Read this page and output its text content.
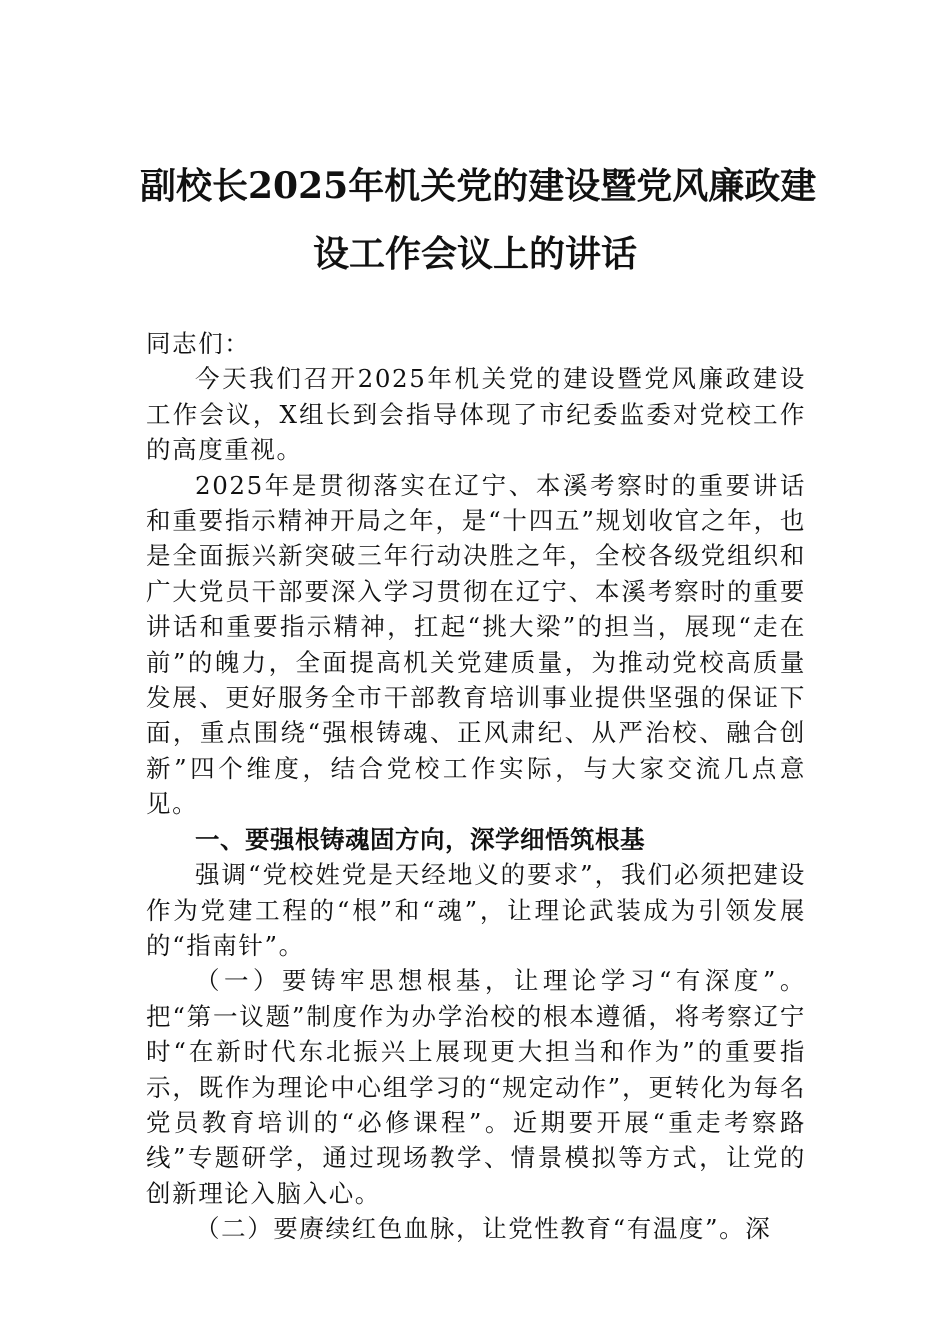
副校长2025年机关党的建设暨党风廉政建
设工作会议上的讲话

同志们：

今天我们召开2025年机关党的建设暨党风廉政建设工作会议，X组长到会指导体现了市纪委监委对党校工作的高度重视。

2025年是贯彻落实在辽宁、本溪考察时的重要讲话和重要指示精神开局之年，是“十四五”规划收官之年，也是全面振兴新突破三年行动决胜之年，全校各级党组织和广大党员干部要深入学习贯彻在辽宁、本溪考察时的重要讲话和重要指示精神，扛起“挑大梁”的担当，展现“走在前”的魄力，全面提高机关党建质量，为推动党校高质量发展、更好服务全市干部教育培训事业提供坚强的保证下面，重点围绕“强根铸魂、正风肃纪、从严治校、融合创新”四个维度，结合党校工作实际，与大家交流几点意见。

一、要强根铸魂固方向，深学细悟筑根基

强调“党校姓党是天经地义的要求”，我们必须把建设作为党建工程的“根”和“魂”，让理论武装成为引领发展的“指南针”。

（一）要铸牢思想根基，让理论学习“有深度”。把“第一议题”制度作为办学治校的根本遵循，将考察辽宁时“在新时代东北振兴上展现更大担当和作为”的重要指示，既作为理论中心组学习的“规定动作”，更转化为每名党员教育培训的“必修课程”。近期要开展“重走考察路线”专题研学，通过现场教学、情景模拟等方式，让党的创新理论入脑入心。

（二）要赓续红色血脉，让党性教育“有温度”。深
